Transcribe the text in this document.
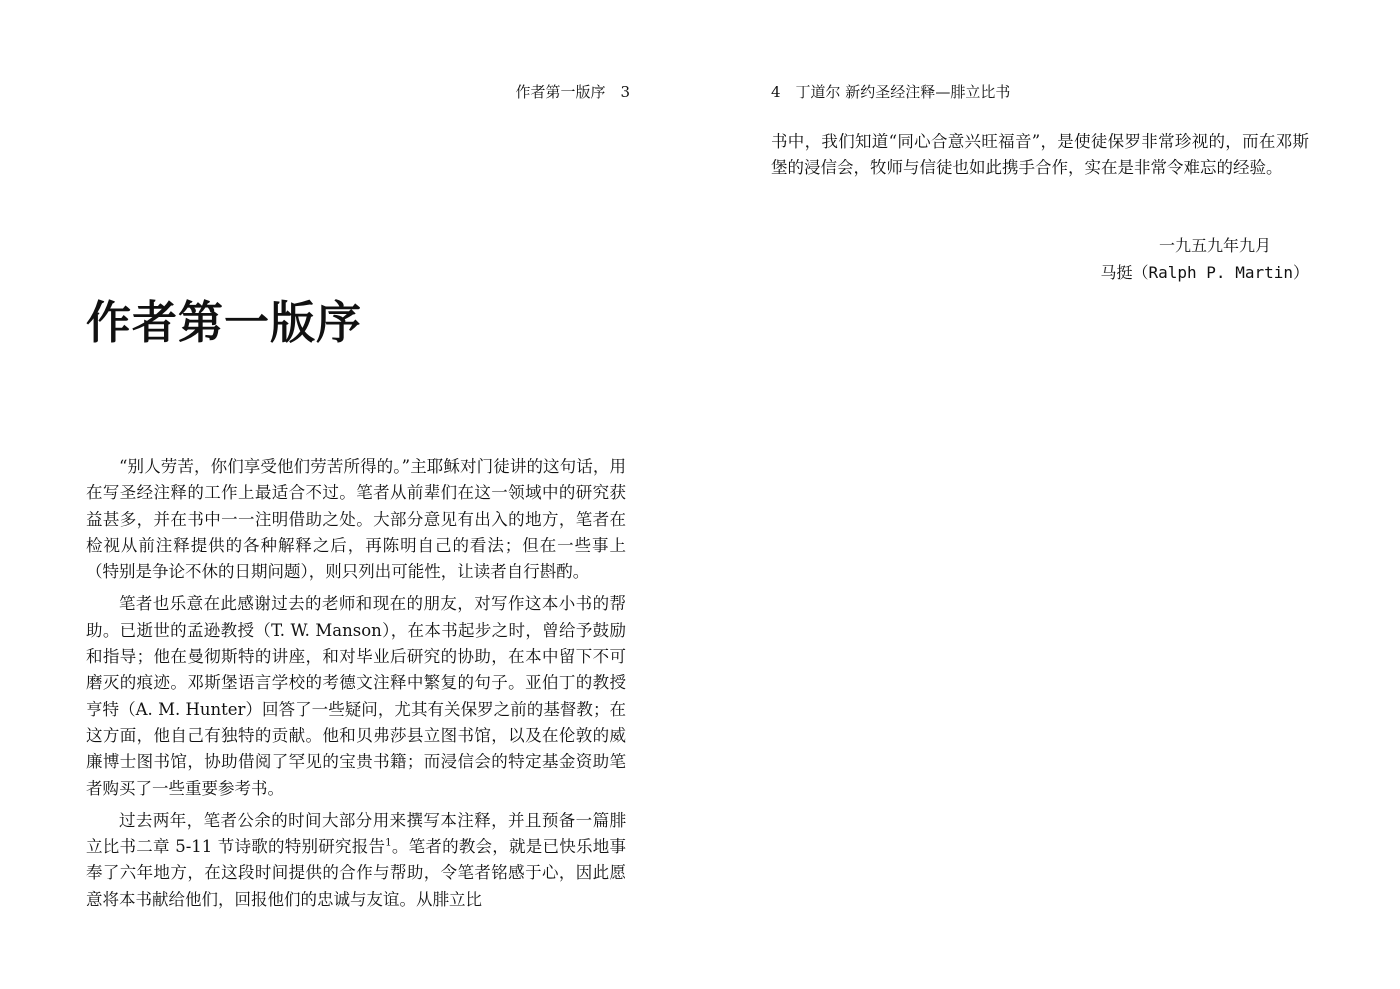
作者第一版序　3
作者第一版序

“别人劳苦，你们享受他们劳苦所得的。”主耶稣对门徒讲的这句话，用在写圣经注释的工作上最适合不过。笔者从前辈们在这一领域中的研究获益甚多，并在书中一一注明借助之处。大部分意见有出入的地方，笔者在检视从前注释提供的各种解释之后，再陈明自己的看法；但在一些事上（特别是争论不休的日期问题），则只列出可能性，让读者自行斟酌。

笔者也乐意在此感谢过去的老师和现在的朋友，对写作这本小书的帮助。已逝世的孟逊教授（T. W. Manson），在本书起步之时，曾给予鼓励和指导；他在曼彻斯特的讲座，和对毕业后研究的协助，在本中留下不可磨灭的痕迹。邓斯堡语言学校的考德文注释中繁复的句子。亚伯丁的教授亨特（A. M. Hunter）回答了一些疑问，尤其有关保罗之前的基督教；在这方面，他自己有独特的贡献。他和贝弗莎县立图书馆，以及在伦敦的威廉博士图书馆，协助借阅了罕见的宝贵书籍；而浸信会的特定基金资助笔者购买了一些重要参考书。

过去两年，笔者公余的时间大部分用来撰写本注释，并且预备一篇腓立比书二章 5-11 节诗歌的特别研究报告$^1$。笔者的教会，就是已快乐地事奉了六年地方，在这段时间提供的合作与帮助，令笔者铭感于心，因此愿意将本书献给他们，回报他们的忠诚与友谊。从腓立比

4　丁道尔 新约圣经注释—腓立比书

书中，我们知道“同心合意兴旺福音”，是使徒保罗非常珍视的，而在邓斯堡的浸信会，牧师与信徒也如此携手合作，实在是非常令难忘的经验。

一九五九年九月
马挺（Ralph P. Martin）
